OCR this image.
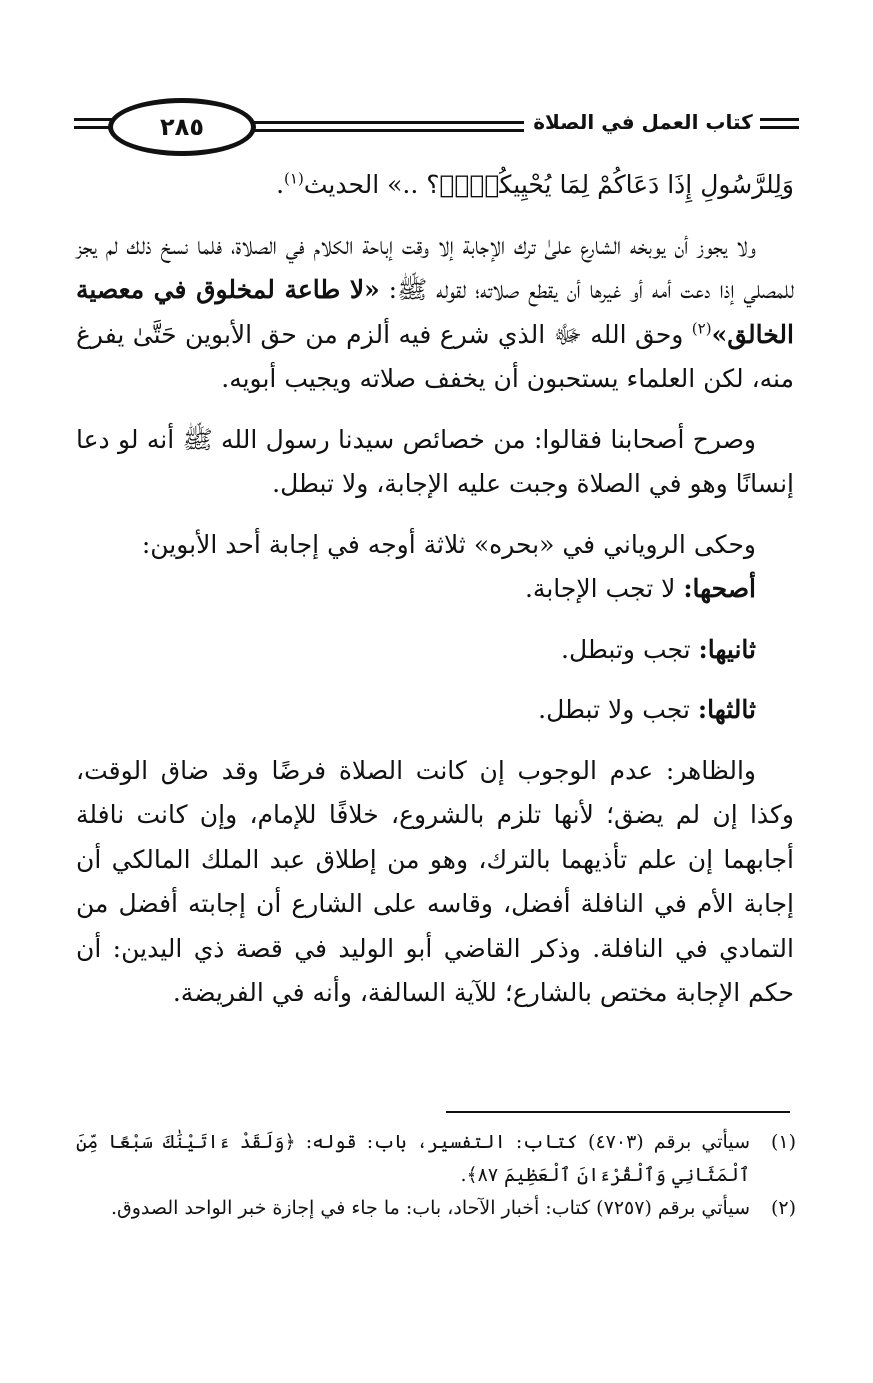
٢٨٥	كتاب العمل في الصلاة

وَلِلرَّسُولِ إِذَا دَعَاكُمْ لِمَا يُحْيِيكُمْۖ﴾؟ ..» الحديث$^{(١)}$.

ولا يجوز أن يوبخه الشارع علىٰ ترك الإجابة إلا وقت إباحة الكلام في الصلاة، فلما نسخ ذلك لم يجز للمصلي إذا دعت أمه أو غيرها أن يقطع صلاته؛ لقوله ﷺ: «لا طاعة لمخلوق في معصية الخالق»$^{(٢)}$ وحق الله ﷻ الذي شرع فيه ألزم من حق الأبوين حَتَّىٰ يفرغ منه، لكن العلماء يستحبون أن يخفف صلاته ويجيب أبويه.

وصرح أصحابنا فقالوا: من خصائص سيدنا رسول الله ﷺ أنه لو دعا إنسانًا وهو في الصلاة وجبت عليه الإجابة، ولا تبطل.

وحكى الروياني في «بحره» ثلاثة أوجه في إجابة أحد الأبوين:

أصحها: لا تجب الإجابة.

ثانيها: تجب وتبطل.

ثالثها: تجب ولا تبطل.

والظاهر: عدم الوجوب إن كانت الصلاة فرضًا وقد ضاق الوقت، وكذا إن لم يضق؛ لأنها تلزم بالشروع، خلافًا للإمام، وإن كانت نافلة أجابهما إن علم تأذيهما بالترك، وهو من إطلاق عبد الملك المالكي أن إجابة الأم في النافلة أفضل، وقاسه على الشارع أن إجابته أفضل من التمادي في النافلة. وذكر القاضي أبو الوليد في قصة ذي اليدين: أن حكم الإجابة مختص بالشارع؛ للآية السالفة، وأنه في الفريضة.

(١)
سيأتي برقم (٤٧٠٣) كتاب: التفسير، باب: قوله: ﴿وَلَقَدْ ءَاتَيْنَٰكَ سَبْعًا مِّنَ ٱلْمَثَانِي وَٱلْقُرْءَانَ ٱلْعَظِيمَ ٨٧﴾.

(٢)
سيأتي برقم (٧٢٥٧) كتاب: أخبار الآحاد، باب: ما جاء في إجازة خبر الواحد الصدوق.
